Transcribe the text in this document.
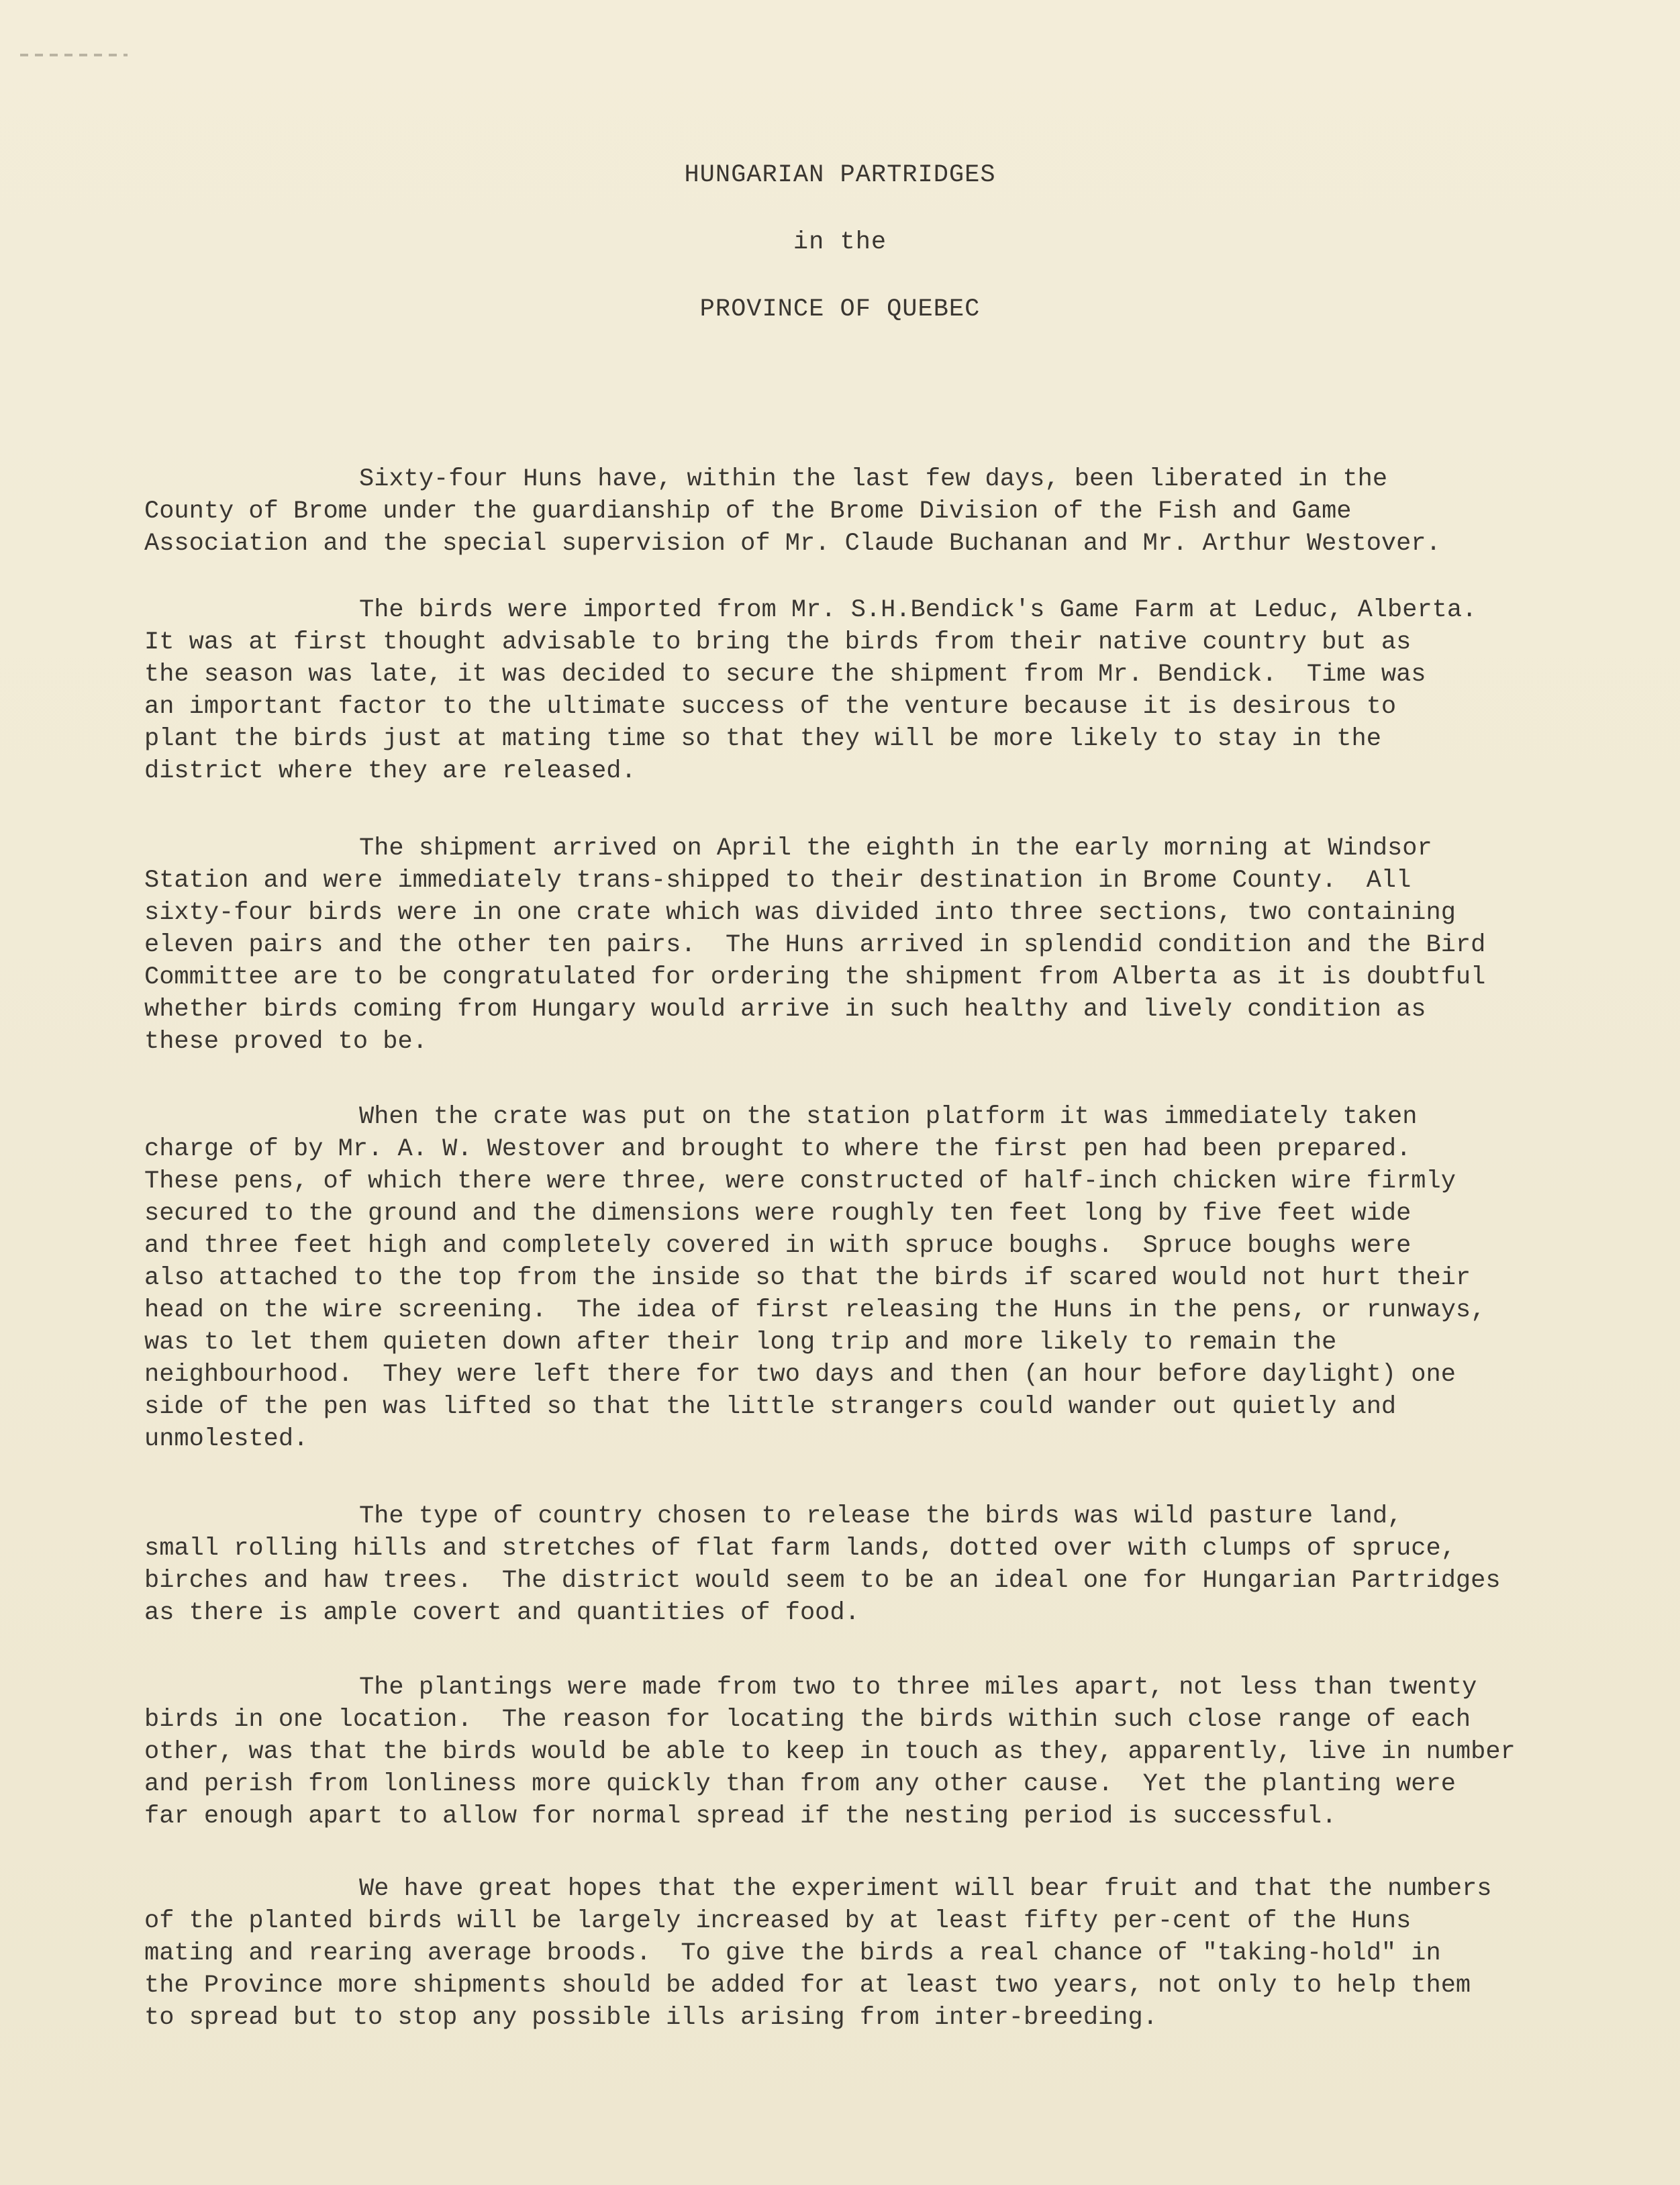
HUNGARIAN PARTRIDGES
in the
PROVINCE OF QUEBEC
Sixty-four Huns have, within the last few days, been liberated in the
County of Brome under the guardianship of the Brome Division of the Fish and Game
Association and the special supervision of Mr. Claude Buchanan and Mr. Arthur Westover.
The birds were imported from Mr. S.H.Bendick's Game Farm at Leduc, Alberta.
It was at first thought advisable to bring the birds from their native country but as
the season was late, it was decided to secure the shipment from Mr. Bendick.  Time was
an important factor to the ultimate success of the venture because it is desirous to
plant the birds just at mating time so that they will be more likely to stay in the
district where they are released.
The shipment arrived on April the eighth in the early morning at Windsor
Station and were immediately trans-shipped to their destination in Brome County.  All
sixty-four birds were in one crate which was divided into three sections, two containing
eleven pairs and the other ten pairs.  The Huns arrived in splendid condition and the Bird
Committee are to be congratulated for ordering the shipment from Alberta as it is doubtful
whether birds coming from Hungary would arrive in such healthy and lively condition as
these proved to be.
When the crate was put on the station platform it was immediately taken
charge of by Mr. A. W. Westover and brought to where the first pen had been prepared.
These pens, of which there were three, were constructed of half-inch chicken wire firmly
secured to the ground and the dimensions were roughly ten feet long by five feet wide
and three feet high and completely covered in with spruce boughs.  Spruce boughs were
also attached to the top from the inside so that the birds if scared would not hurt their
head on the wire screening.  The idea of first releasing the Huns in the pens, or runways,
was to let them quieten down after their long trip and more likely to remain the
neighbourhood.  They were left there for two days and then (an hour before daylight) one
side of the pen was lifted so that the little strangers could wander out quietly and
unmolested.
The type of country chosen to release the birds was wild pasture land,
small rolling hills and stretches of flat farm lands, dotted over with clumps of spruce,
birches and haw trees.  The district would seem to be an ideal one for Hungarian Partridges
as there is ample covert and quantities of food.
The plantings were made from two to three miles apart, not less than twenty
birds in one location.  The reason for locating the birds within such close range of each
other, was that the birds would be able to keep in touch as they, apparently, live in number
and perish from lonliness more quickly than from any other cause.  Yet the planting were
far enough apart to allow for normal spread if the nesting period is successful.
We have great hopes that the experiment will bear fruit and that the numbers
of the planted birds will be largely increased by at least fifty per-cent of the Huns
mating and rearing average broods.  To give the birds a real chance of "taking-hold" in
the Province more shipments should be added for at least two years, not only to help them
to spread but to stop any possible ills arising from inter-breeding.
